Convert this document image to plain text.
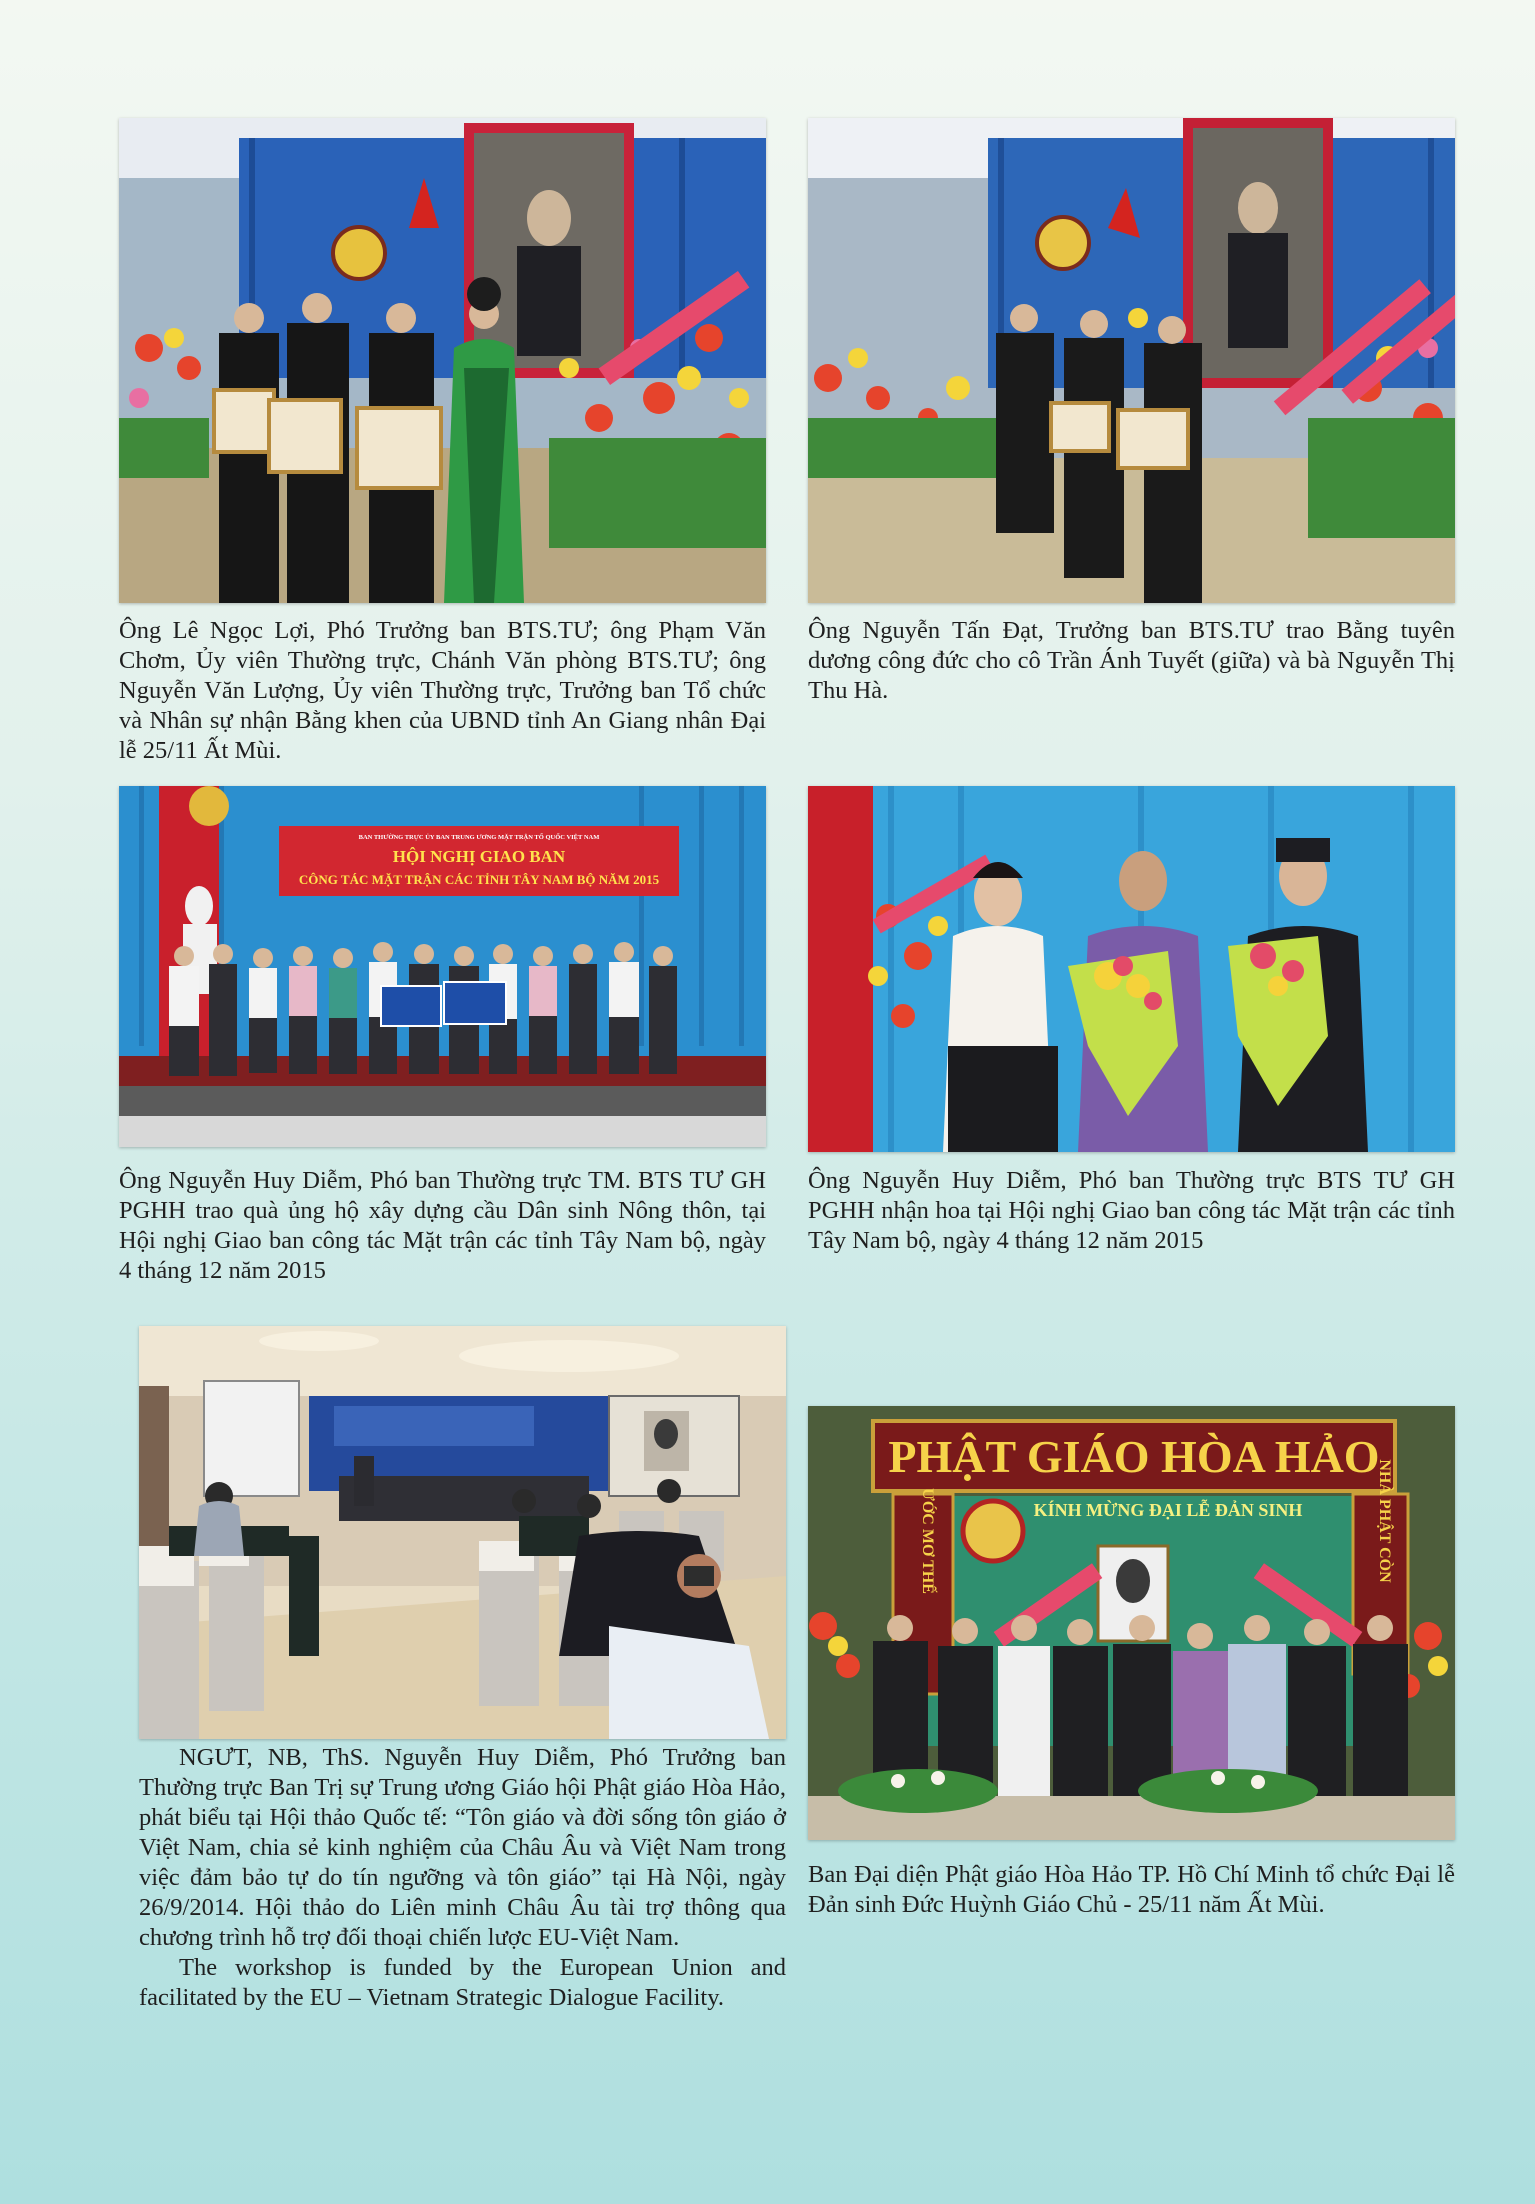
Ông Lê Ngọc Lợi, Phó Trưởng ban BTS.TƯ; ông Phạm Văn Chơm, Ủy viên Thường trực, Chánh Văn phòng BTS.TƯ; ông Nguyễn Văn Lượng, Ủy viên Thường trực, Trưởng ban Tổ chức và Nhân sự nhận Bằng khen của UBND tỉnh An Giang nhân Đại lễ 25/11 Ất Mùi.

Ông Nguyễn Tấn Đạt, Trưởng ban BTS.TƯ trao Bằng tuyên dương công đức cho cô Trần Ánh Tuyết (giữa) và bà Nguyễn Thị Thu Hà.

BAN THƯỜNG TRỰC ỦY BAN TRUNG ƯƠNG MẶT TRẬN TỔ QUỐC VIỆT NAM
HỘI NGHỊ GIAO BAN
CÔNG TÁC MẶT TRẬN CÁC TỈNH TÂY NAM BỘ NĂM 2015

Ông Nguyễn Huy Diễm, Phó ban Thường trực TM. BTS TƯ GH PGHH trao quà ủng hộ xây dựng cầu Dân sinh Nông thôn, tại Hội nghị Giao ban công tác Mặt trận các tỉnh Tây Nam bộ, ngày 4 tháng 12 năm 2015

Ông Nguyễn Huy Diễm, Phó ban Thường trực BTS TƯ GH PGHH nhận hoa tại Hội nghị Giao ban công tác Mặt trận các tỉnh Tây Nam bộ, ngày 4 tháng 12 năm 2015

NGƯT, NB, ThS. Nguyễn Huy Diễm, Phó Trưởng ban Thường trực Ban Trị sự Trung ương Giáo hội Phật giáo Hòa Hảo, phát biểu tại Hội thảo Quốc tế: “Tôn giáo và đời sống tôn giáo ở Việt Nam, chia sẻ kinh nghiệm của Châu Âu và Việt Nam trong việc đảm bảo tự do tín ngưỡng và tôn giáo” tại Hà Nội, ngày 26/9/2014. Hội thảo do Liên minh Châu Âu tài trợ thông qua chương trình hỗ trợ đối thoại chiến lược EU-Việt Nam.

The workshop is funded by the European Union and facilitated by the EU – Vietnam Strategic Dialogue Facility.

PHẬT GIÁO HÒA HẢO
KÍNH MỪNG ĐẠI LỄ ĐẢN SINH
ƯỚC MƠ THẾ	NHÀ PHẬT CÒN

Ban Đại diện Phật giáo Hòa Hảo TP. Hồ Chí Minh tổ chức Đại lễ Đản sinh Đức Huỳnh Giáo Chủ - 25/11 năm Ất Mùi.
